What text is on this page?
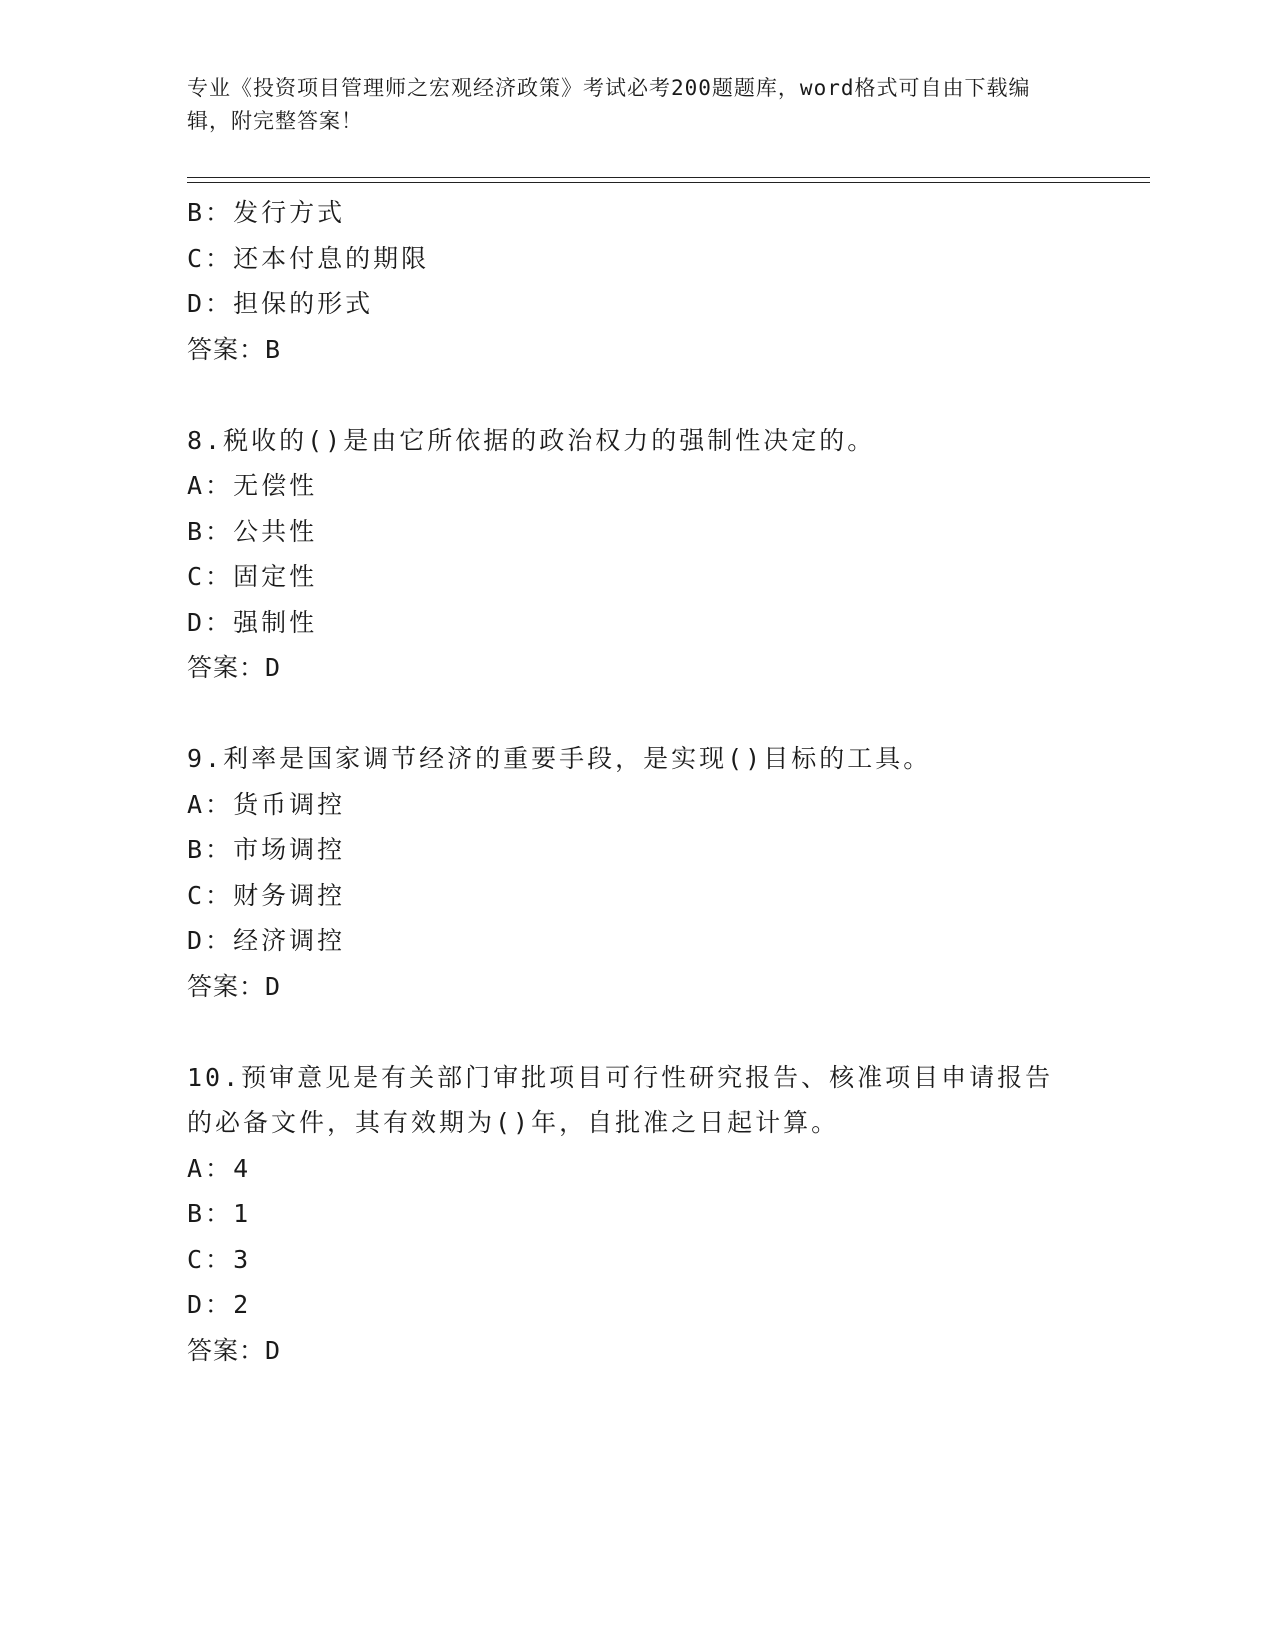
专业《投资项目管理师之宏观经济政策》考试必考200题题库，word格式可自由下载编辑，附完整答案！
B：发行方式
C：还本付息的期限
D：担保的形式
答案：B
8.税收的()是由它所依据的政治权力的强制性决定的。
A：无偿性
B：公共性
C：固定性
D：强制性
答案：D
9.利率是国家调节经济的重要手段，是实现()目标的工具。
A：货币调控
B：市场调控
C：财务调控
D：经济调控
答案：D
10.预审意见是有关部门审批项目可行性研究报告、核准项目申请报告
的必备文件，其有效期为()年，自批准之日起计算。
A：4
B：1
C：3
D：2
答案：D
